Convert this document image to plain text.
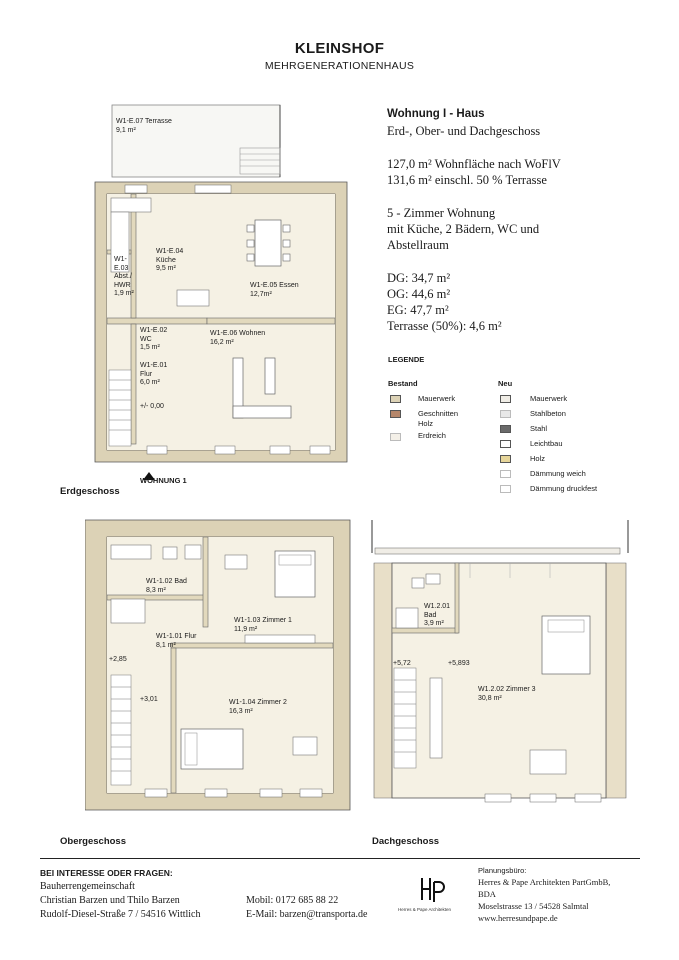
KLEINSHOF
MEHRGENERATIONENHAUS
Wohnung I - Haus
Erd-, Ober- und Dachgeschoss
127,0 m² Wohnfläche nach WoFlV
131,6 m² einschl. 50 % Terrasse
5 - Zimmer Wohnung
mit Küche, 2 Bädern, WC und
Abstellraum
DG: 34,7 m²
OG: 44,6 m²
EG: 47,7 m²
Terrasse (50%): 4,6 m²
LEGENDE
Bestand	Neu
Mauerwerk
Geschnitten
Holz
Erdreich
Mauerwerk
Stahlbeton
Stahl
Leichtbau
Holz
Dämmung weich
Dämmung druckfest
W1-E.07 Terrasse
9,1 m²
W1-E.04
Küche
9,5 m²
W1-
E.03
Abst./
HWR
1,9 m²
W1-E.05 Essen
12,7m²
W1-E.02
WC
1,5 m²
W1-E.06 Wohnen
16,2 m²
W1-E.01
Flur
6,0 m²
+/- 0,00
WOHNUNG 1
Erdgeschoss
W1-1.02 Bad
8,3 m²
W1-1.03 Zimmer 1
11,9 m²
W1-1.01 Flur
8,1 m²
+2,85
+3,01	W1-1.04 Zimmer 2
16,3 m²
Obergeschoss
W1.2.01
Bad
3,9 m²
+5,72	+5,893
W1.2.02 Zimmer 3
30,8 m²
Dachgeschoss
BEI INTERESSE ODER FRAGEN:
Bauherrengemeinschaft
Christian Barzen und Thilo Barzen
Rudolf-Diesel-Straße 7 / 54516 Wittlich
Mobil: 0172 685 88 22
E-Mail: barzen@transporta.de	Herres & Pape Architekten
Planungsbüro:
Herres & Pape Architekten PartGmbB,
BDA
Moselstrasse 13 / 54528 Salmtal
www.herresundpape.de
